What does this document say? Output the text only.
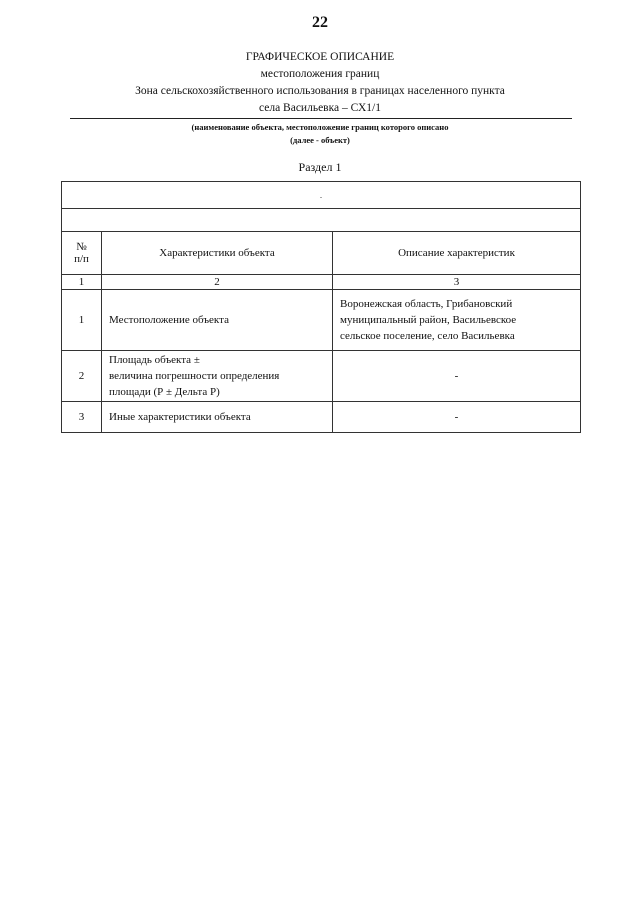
22
ГРАФИЧЕСКОЕ ОПИСАНИЕ
местоположения границ
Зона сельскохозяйственного использования в границах населенного пункта
села Васильевка – СХ1/1
(наименование объекта, местоположение границ которого описано
(далее - объект)
Раздел 1
.		

№
п/п	Характеристики объекта	Описание характеристик
1	2	3
1	Местоположение объекта	Воронежская область, Грибановский
муниципальный район, Васильевское
сельское поселение, село Васильевка

2	Площадь объекта ±
величина погрешности определения
площади (Р ± Дельта Р)	-
3	Иные характеристики объекта	-
